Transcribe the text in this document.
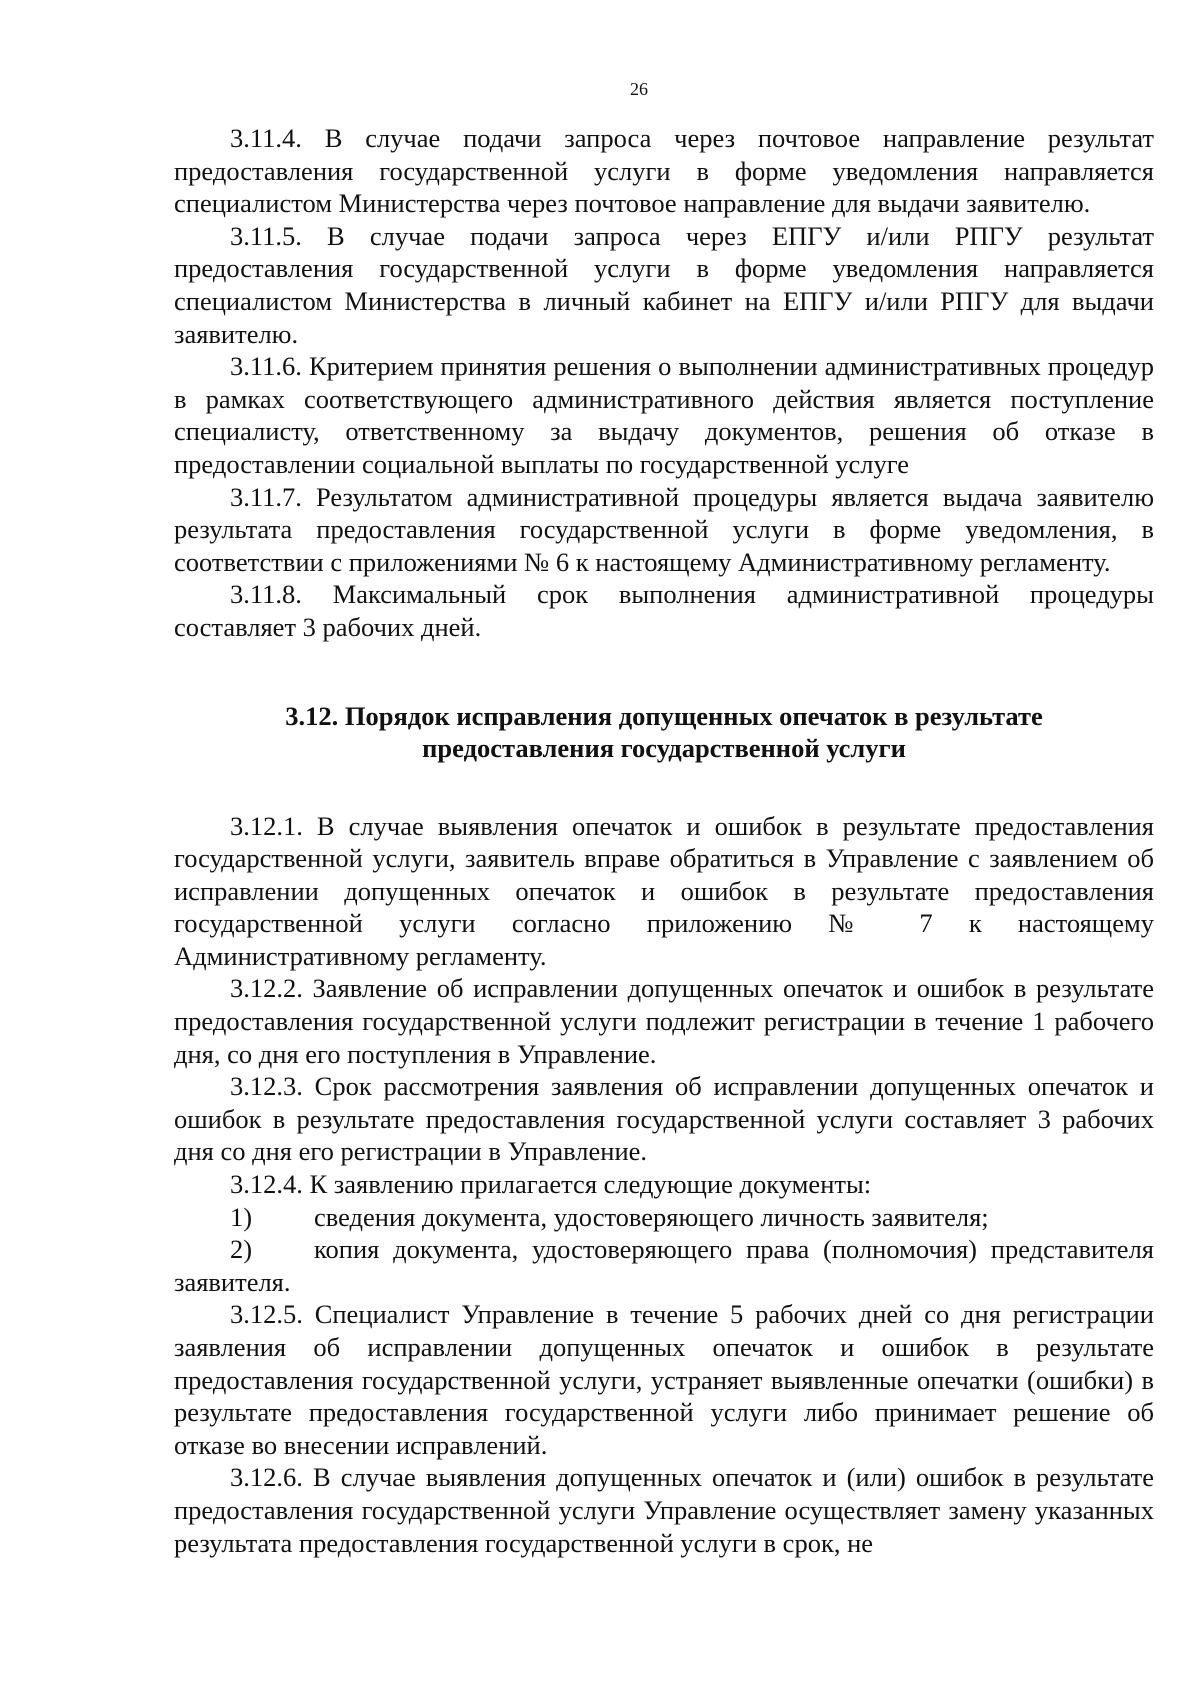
26

3.11.4. В случае подачи запроса через почтовое направление результат предоставления государственной услуги в форме уведомления направляется специалистом Министерства через почтовое направление для выдачи заявителю.

3.11.5. В случае подачи запроса через ЕПГУ и/или РПГУ результат предоставления государственной услуги в форме уведомления направляется специалистом Министерства в личный кабинет на ЕПГУ и/или РПГУ для выдачи заявителю.

3.11.6. Критерием принятия решения о выполнении административных процедур в рамках соответствующего административного действия является поступление специалисту, ответственному за выдачу документов, решения об отказе в предоставлении социальной выплаты по государственной услуге

3.11.7. Результатом административной процедуры является выдача заявителю результата предоставления государственной услуги в форме уведомления, в соответствии с приложениями № 6 к настоящему Административному регламенту.

3.11.8. Максимальный срок выполнения административной процедуры составляет 3 рабочих дней.

3.12. Порядок исправления допущенных опечаток в результате
предоставления государственной услуги

3.12.1. В случае выявления опечаток и ошибок в результате предоставления государственной услуги, заявитель вправе обратиться в Управление с заявлением об исправлении допущенных опечаток и ошибок в результате предоставления государственной услуги согласно приложению № 7 к настоящему Административному регламенту.

3.12.2. Заявление об исправлении допущенных опечаток и ошибок в результате предоставления государственной услуги подлежит регистрации в течение 1 рабочего дня, со дня его поступления в Управление.

3.12.3. Срок рассмотрения заявления об исправлении допущенных опечаток и ошибок в результате предоставления государственной услуги составляет 3 рабочих дня со дня его регистрации в Управление.

3.12.4. К заявлению прилагается следующие документы:

1) сведения документа, удостоверяющего личность заявителя;

2) копия документа, удостоверяющего права (полномочия) представителя заявителя.

3.12.5. Специалист Управление в течение 5 рабочих дней со дня регистрации заявления об исправлении допущенных опечаток и ошибок в результате предоставления государственной услуги, устраняет выявленные опечатки (ошибки) в результате предоставления государственной услуги либо принимает решение об отказе во внесении исправлений.

3.12.6. В случае выявления допущенных опечаток и (или) ошибок в результате предоставления государственной услуги Управление осуществляет замену указанных результата предоставления государственной услуги в срок, не
